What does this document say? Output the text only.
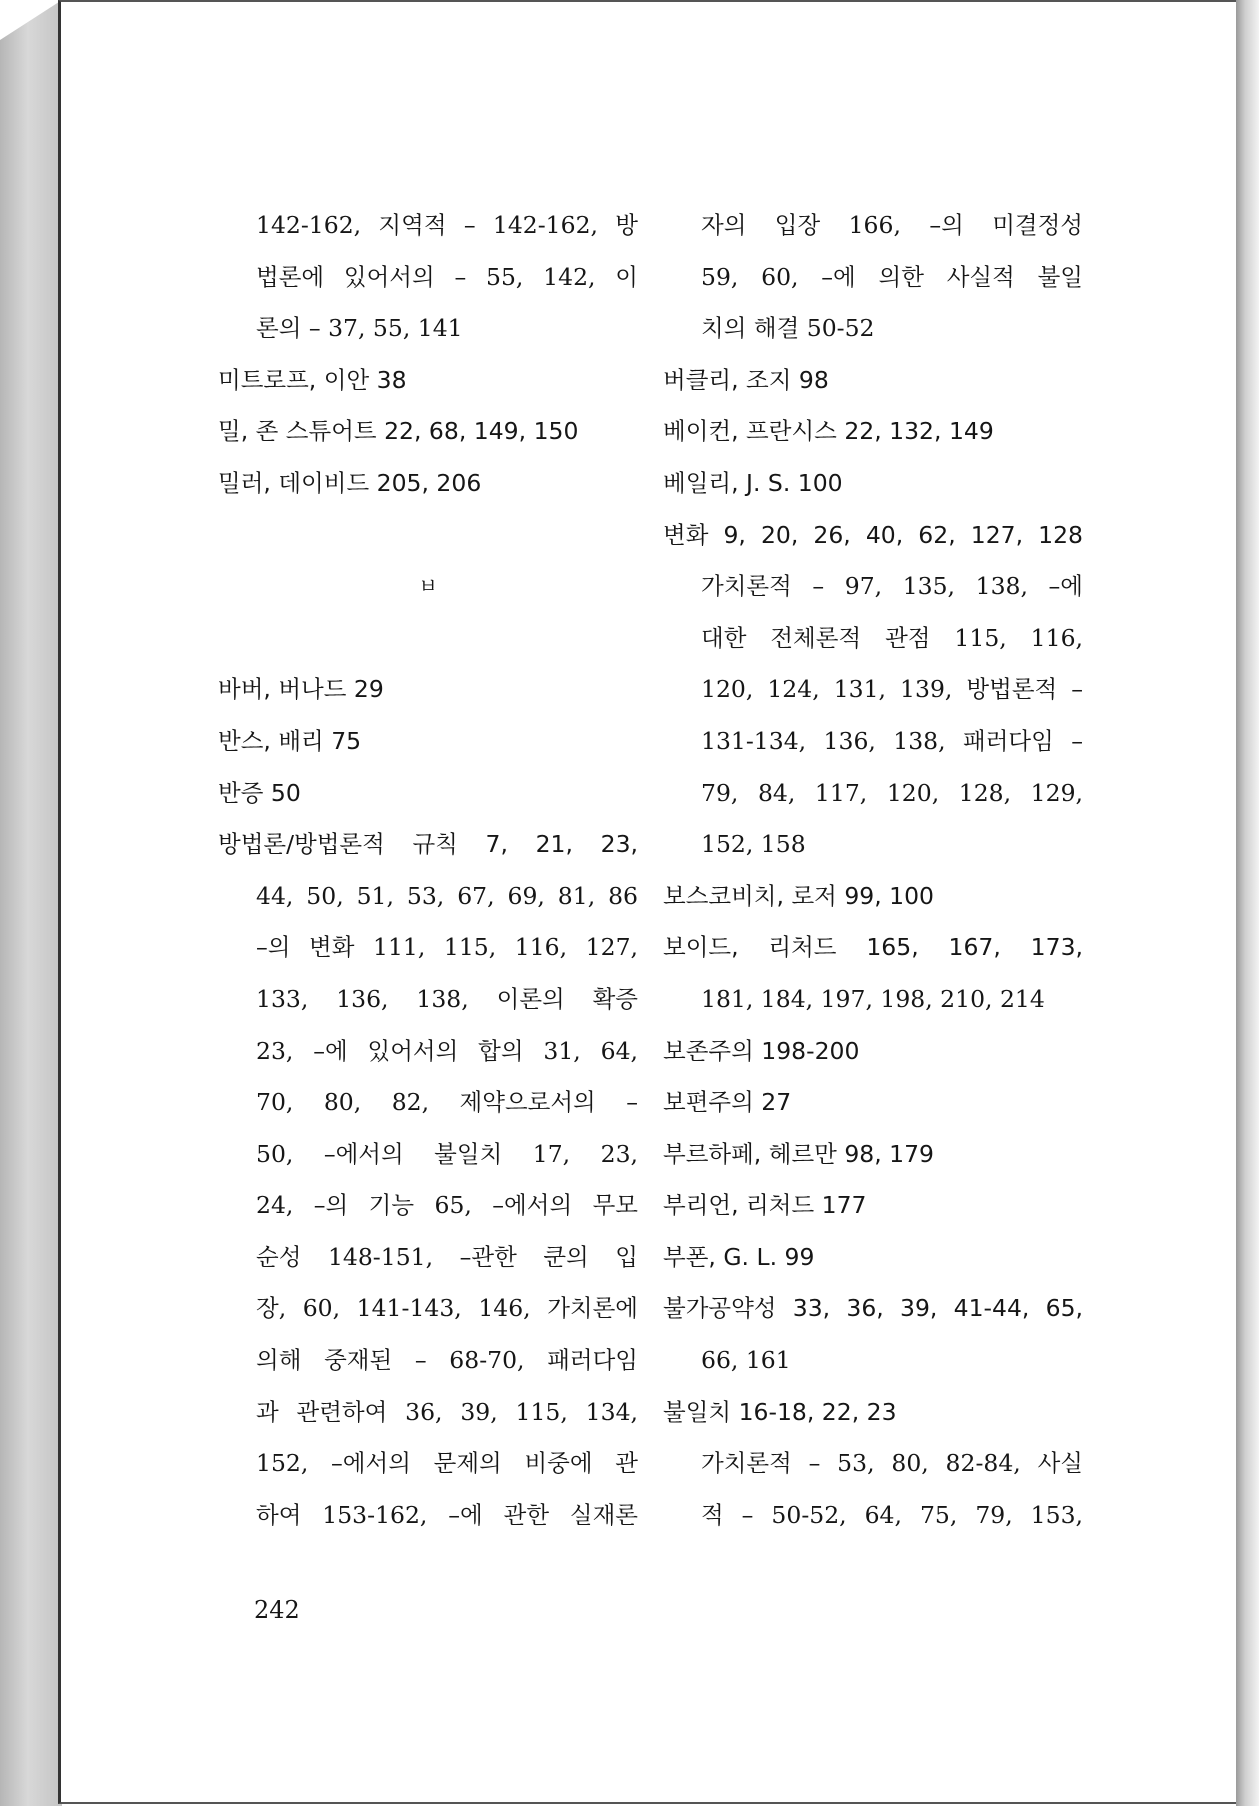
142-162, 지역적 – 142-162, 방
법론에 있어서의 – 55, 142, 이
론의 – 37, 55, 141
미트로프, 이안 38
밀, 존 스튜어트 22, 68, 149, 150
밀러, 데이비드 205, 206
ㅂ
바버, 버나드 29
반스, 배리 75
반증 50
방법론/방법론적 규칙 7, 21, 23,
44, 50, 51, 53, 67, 69, 81, 86
–의 변화 111, 115, 116, 127,
133, 136, 138, 이론의 확증
23, –에 있어서의 합의 31, 64,
70, 80, 82, 제약으로서의 –
50, –에서의 불일치 17, 23,
24, –의 기능 65, –에서의 무모
순성 148-151, –관한 쿤의 입
장, 60, 141-143, 146, 가치론에
의해 중재된 – 68-70, 패러다임
과 관련하여 36, 39, 115, 134,
152, –에서의 문제의 비중에 관
하여 153-162, –에 관한 실재론
자의 입장 166, –의 미결정성
59, 60, –에 의한 사실적 불일
치의 해결 50-52
버클리, 조지 98
베이컨, 프란시스 22, 132, 149
베일리, J. S. 100
변화 9, 20, 26, 40, 62, 127, 128
가치론적 – 97, 135, 138, –에
대한 전체론적 관점 115, 116,
120, 124, 131, 139, 방법론적 –
131-134, 136, 138, 패러다임 –
79, 84, 117, 120, 128, 129,
152, 158
보스코비치, 로저 99, 100
보이드, 리처드 165, 167, 173,
181, 184, 197, 198, 210, 214
보존주의 198-200
보편주의 27
부르하페, 헤르만 98, 179
부리언, 리처드 177
부폰, G. L. 99
불가공약성 33, 36, 39, 41-44, 65,
66, 161
불일치 16-18, 22, 23
가치론적 – 53, 80, 82-84, 사실
적 – 50-52, 64, 75, 79, 153,
242
